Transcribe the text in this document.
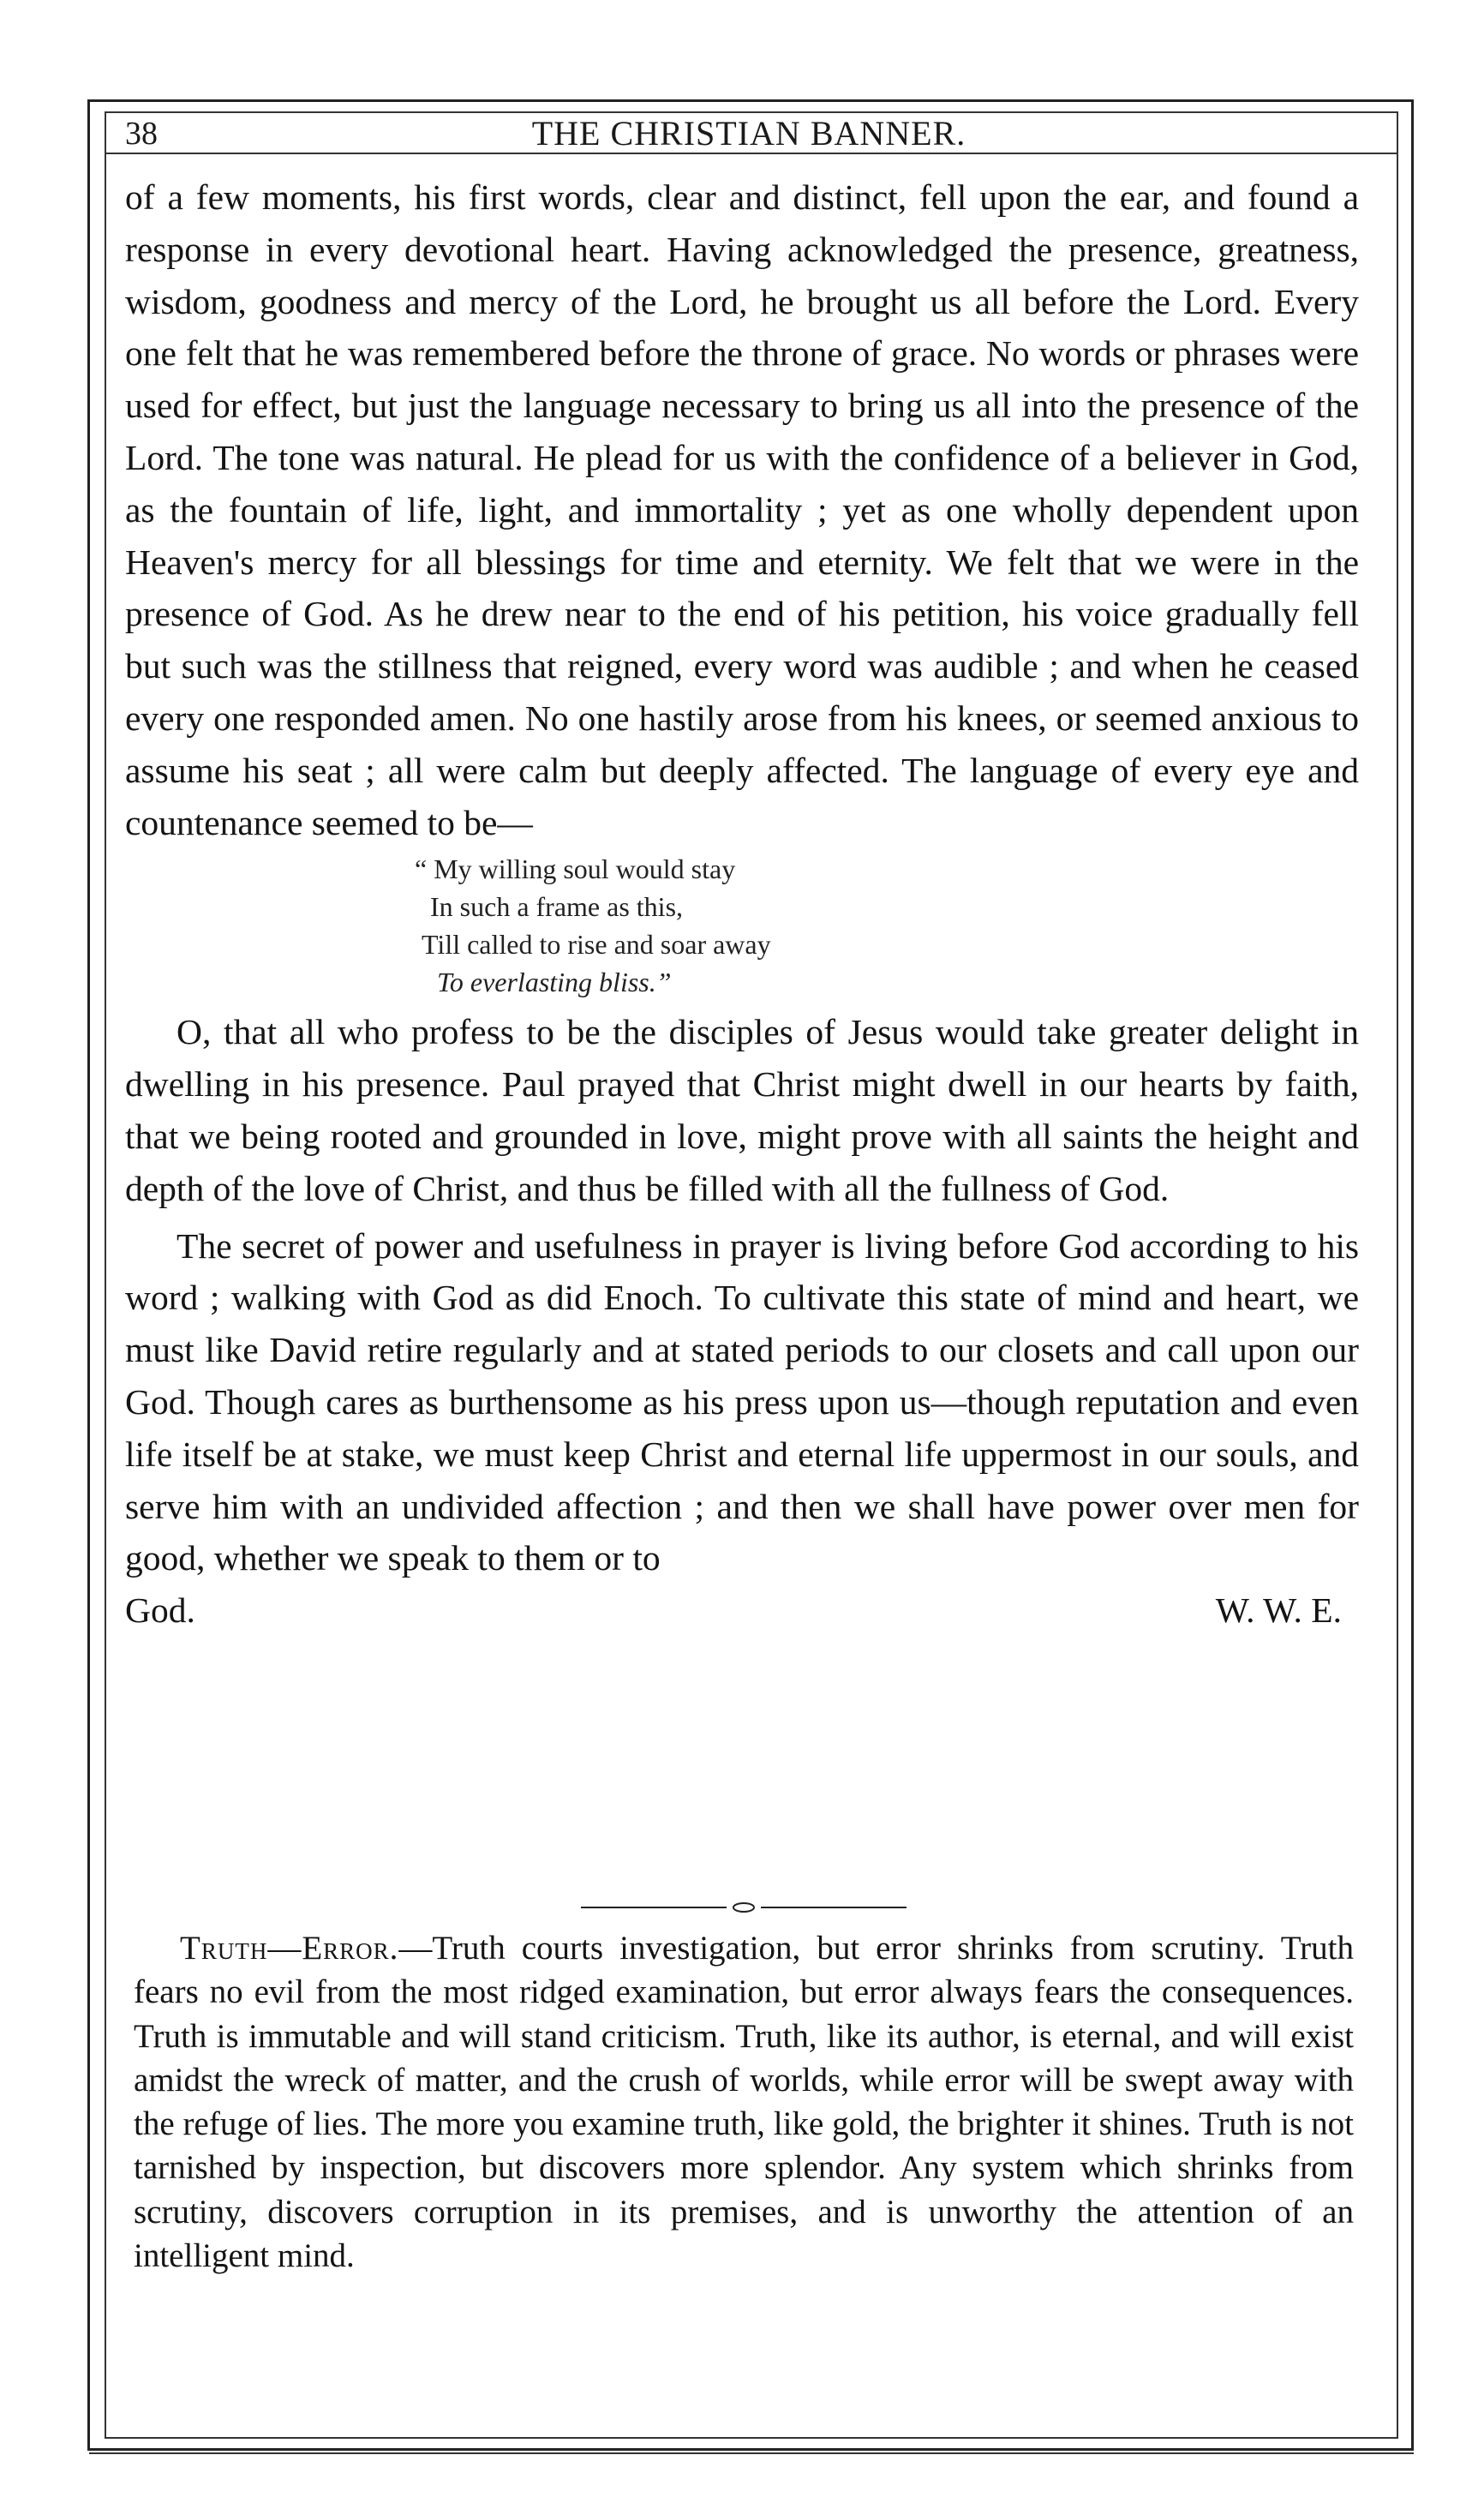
38	THE CHRISTIAN BANNER.

of a few moments, his first words, clear and distinct, fell upon the ear, and found a response in every devotional heart. Having acknowledged the presence, greatness, wisdom, goodness and mercy of the Lord, he brought us all before the Lord. Every one felt that he was remembered before the throne of grace. No words or phrases were used for effect, but just the language necessary to bring us all into the presence of the Lord. The tone was natural. He plead for us with the confidence of a believer in God, as the fountain of life, light, and immortality ; yet as one wholly dependent upon Heaven's mercy for all blessings for time and eternity. We felt that we were in the presence of God. As he drew near to the end of his petition, his voice gradually fell but such was the stillness that reigned, every word was audible ; and when he ceased every one responded amen. No one hastily arose from his knees, or seemed anxious to assume his seat ; all were calm but deeply affected. The language of every eye and countenance seemed to be—

“ My willing soul would stay
In such a frame as this,
Till called to rise and soar away
To everlasting bliss.”

O, that all who profess to be the disciples of Jesus would take greater delight in dwelling in his presence. Paul prayed that Christ might dwell in our hearts by faith, that we being rooted and grounded in love, might prove with all saints the height and depth of the love of Christ, and thus be filled with all the fullness of God.

The secret of power and usefulness in prayer is living before God according to his word ; walking with God as did Enoch. To cultivate this state of mind and heart, we must like David retire regularly and at stated periods to our closets and call upon our God. Though cares as burthensome as his press upon us—though reputation and even life itself be at stake, we must keep Christ and eternal life uppermost in our souls, and serve him with an undivided affection ; and then we shall have power over men for good, whether we speak to them or to

God.	W. W. E.

Truth—Error.—Truth courts investigation, but error shrinks from scrutiny. Truth fears no evil from the most ridged examination, but error always fears the consequences. Truth is immutable and will stand criticism. Truth, like its author, is eternal, and will exist amidst the wreck of matter, and the crush of worlds, while error will be swept away with the refuge of lies. The more you examine truth, like gold, the brighter it shines. Truth is not tarnished by inspection, but discovers more splendor. Any system which shrinks from scrutiny, discovers corruption in its premises, and is unworthy the attention of an intelligent mind.
